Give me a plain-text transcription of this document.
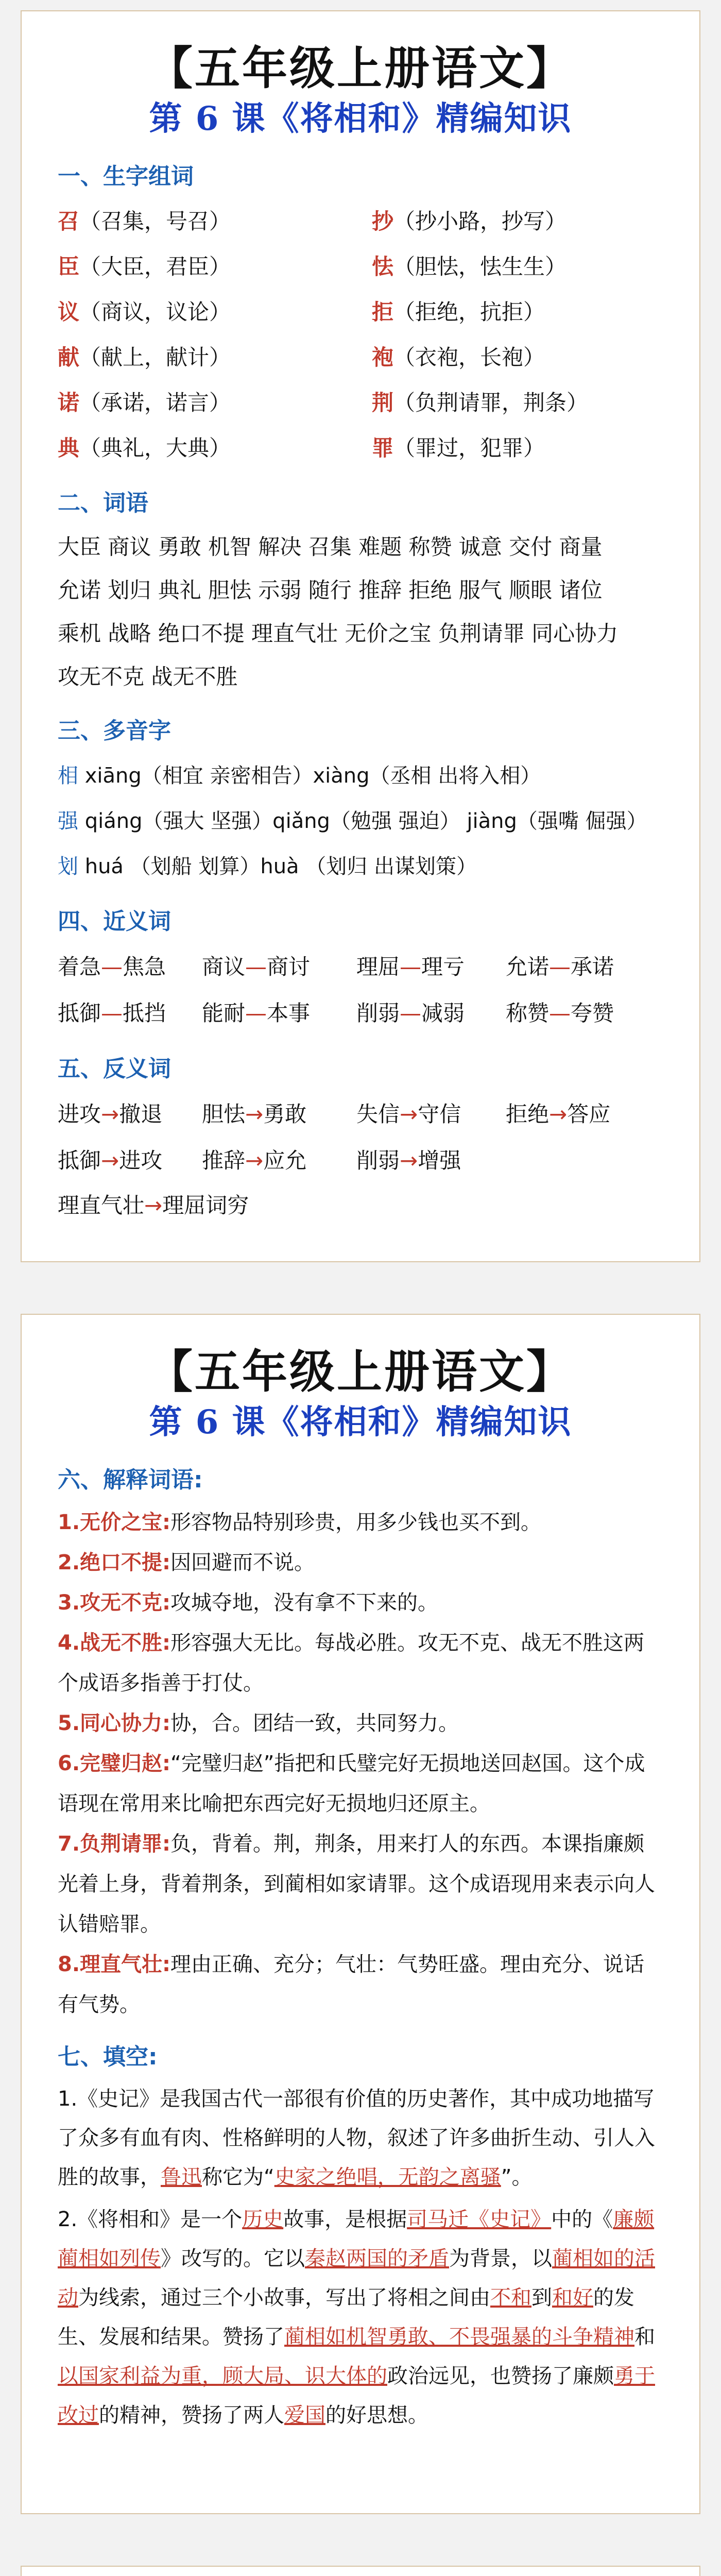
【五年级上册语文】
第 6 课《将相和》精编知识
一、生字组词
召（召集，号召）	抄（抄小路，抄写）
臣（大臣，君臣）	怯（胆怯，怯生生）
议（商议，议论）	拒（拒绝，抗拒）
献（献上，献计）	袍（衣袍，长袍）
诺（承诺，诺言）	荆（负荆请罪，荆条）
典（典礼，大典）	罪（罪过，犯罪）
二、词语
大臣 商议 勇敢 机智 解决 召集 难题 称赞 诚意 交付 商量
允诺 划归 典礼 胆怯 示弱 随行 推辞 拒绝 服气 顺眼 诸位
乘机 战略 绝口不提 理直气壮 无价之宝 负荆请罪 同心协力
攻无不克 战无不胜
三、多音字
相 xiāng（相宜 亲密相告）xiàng（丞相 出将入相）
强 qiáng（强大 坚强）qiǎng（勉强 强迫） jiàng（强嘴 倔强）
划 huá （划船 划算）huà （划归 出谋划策）
四、近义词
着急—焦急	商议—商讨	理屈—理亏	允诺—承诺
抵御—抵挡	能耐—本事	削弱—减弱	称赞—夸赞
五、反义词
进攻→撤退	胆怯→勇敢	失信→守信	拒绝→答应
抵御→进攻	推辞→应允	削弱→增强
理直气壮→理屈词穷
【五年级上册语文】
第 6 课《将相和》精编知识
六、解释词语:

1.无价之宝:形容物品特别珍贵，用多少钱也买不到。

2.绝口不提:因回避而不说。

3.攻无不克:攻城夺地，没有拿不下来的。

4.战无不胜:形容强大无比。每战必胜。攻无不克、战无不胜这两个成语多指善于打仗。

5.同心协力:协，合。团结一致，共同努力。

6.完璧归赵:“完璧归赵”指把和氏璧完好无损地送回赵国。这个成语现在常用来比喻把东西完好无损地归还原主。

7.负荆请罪:负，背着。荆，荆条，用来打人的东西。本课指廉颇光着上身，背着荆条，到蔺相如家请罪。这个成语现用来表示向人认错赔罪。

8.理直气壮:理由正确、充分；气壮：气势旺盛。理由充分、说话有气势。

七、填空:

1.《史记》是我国古代一部很有价值的历史著作，其中成功地描写了众多有血有肉、性格鲜明的人物，叙述了许多曲折生动、引人入胜的故事，鲁迅称它为“史家之绝唱，无韵之离骚”。

2.《将相和》是一个历史故事，是根据司马迁《史记》中的《廉颇蔺相如列传》改写的。它以秦赵两国的矛盾为背景，以蔺相如的活动为线索，通过三个小故事，写出了将相之间由不和到和好的发生、发展和结果。赞扬了蔺相如机智勇敢、不畏强暴的斗争精神和以国家利益为重，顾大局、识大体的政治远见，也赞扬了廉颇勇于改过的精神，赞扬了两人爱国的好思想。
